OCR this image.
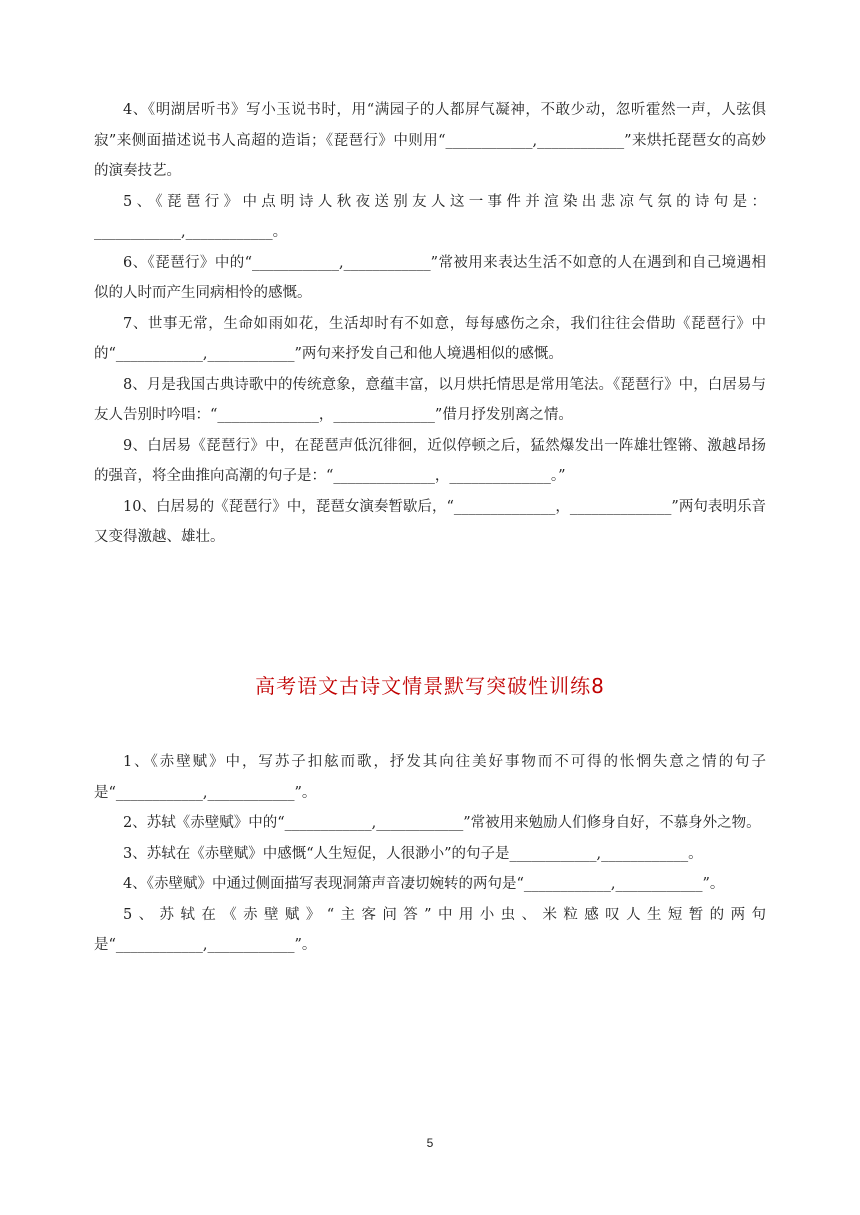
4、《明湖居听书》写小玉说书时，用“满园子的人都屏气凝神，不敢少动，忽听霍然一声，人弦俱寂”来侧面描述说书人高超的造诣；《琵琶行》中则用“____________,____________”来烘托琵琶女的高妙的演奏技艺。

5、《琵琶行》中点明诗人秋夜送别友人这一事件并渲染出悲凉气氛的诗句是：____________,____________。

6、《琵琶行》中的“____________,____________”常被用来表达生活不如意的人在遇到和自己境遇相似的人时而产生同病相怜的感慨。

7、世事无常，生命如雨如花，生活却时有不如意，每每感伤之余，我们往往会借助《琵琶行》中的“____________,____________”两句来抒发自己和他人境遇相似的感慨。

8、月是我国古典诗歌中的传统意象，意蕴丰富，以月烘托情思是常用笔法。《琵琶行》中，白居易与友人告别时吟唱：“______________，______________”借月抒发别离之情。

9、白居易《琵琶行》中，在琵琶声低沉徘徊，近似停顿之后，猛然爆发出一阵雄壮铿锵、激越昂扬的强音，将全曲推向高潮的句子是：“______________，______________。”

10、白居易的《琵琶行》中，琵琶女演奏暂歇后，“______________，______________”两句表明乐音又变得激越、雄壮。

高考语文古诗文情景默写突破性训练8

1、《赤壁赋》中，写苏子扣舷而歌，抒发其向往美好事物而不可得的怅惘失意之情的句子是“____________,____________”。

2、苏轼《赤壁赋》中的“____________,____________”常被用来勉励人们修身自好，不慕身外之物。

3、苏轼在《赤壁赋》中感慨“人生短促，人很渺小”的句子是____________,____________。

4、《赤壁赋》中通过侧面描写表现洞箫声音凄切婉转的两句是“____________,____________”。

5、苏轼在《赤壁赋》“主客问答”中用小虫、米粒感叹人生短暂的两句是“____________,____________”。

5
